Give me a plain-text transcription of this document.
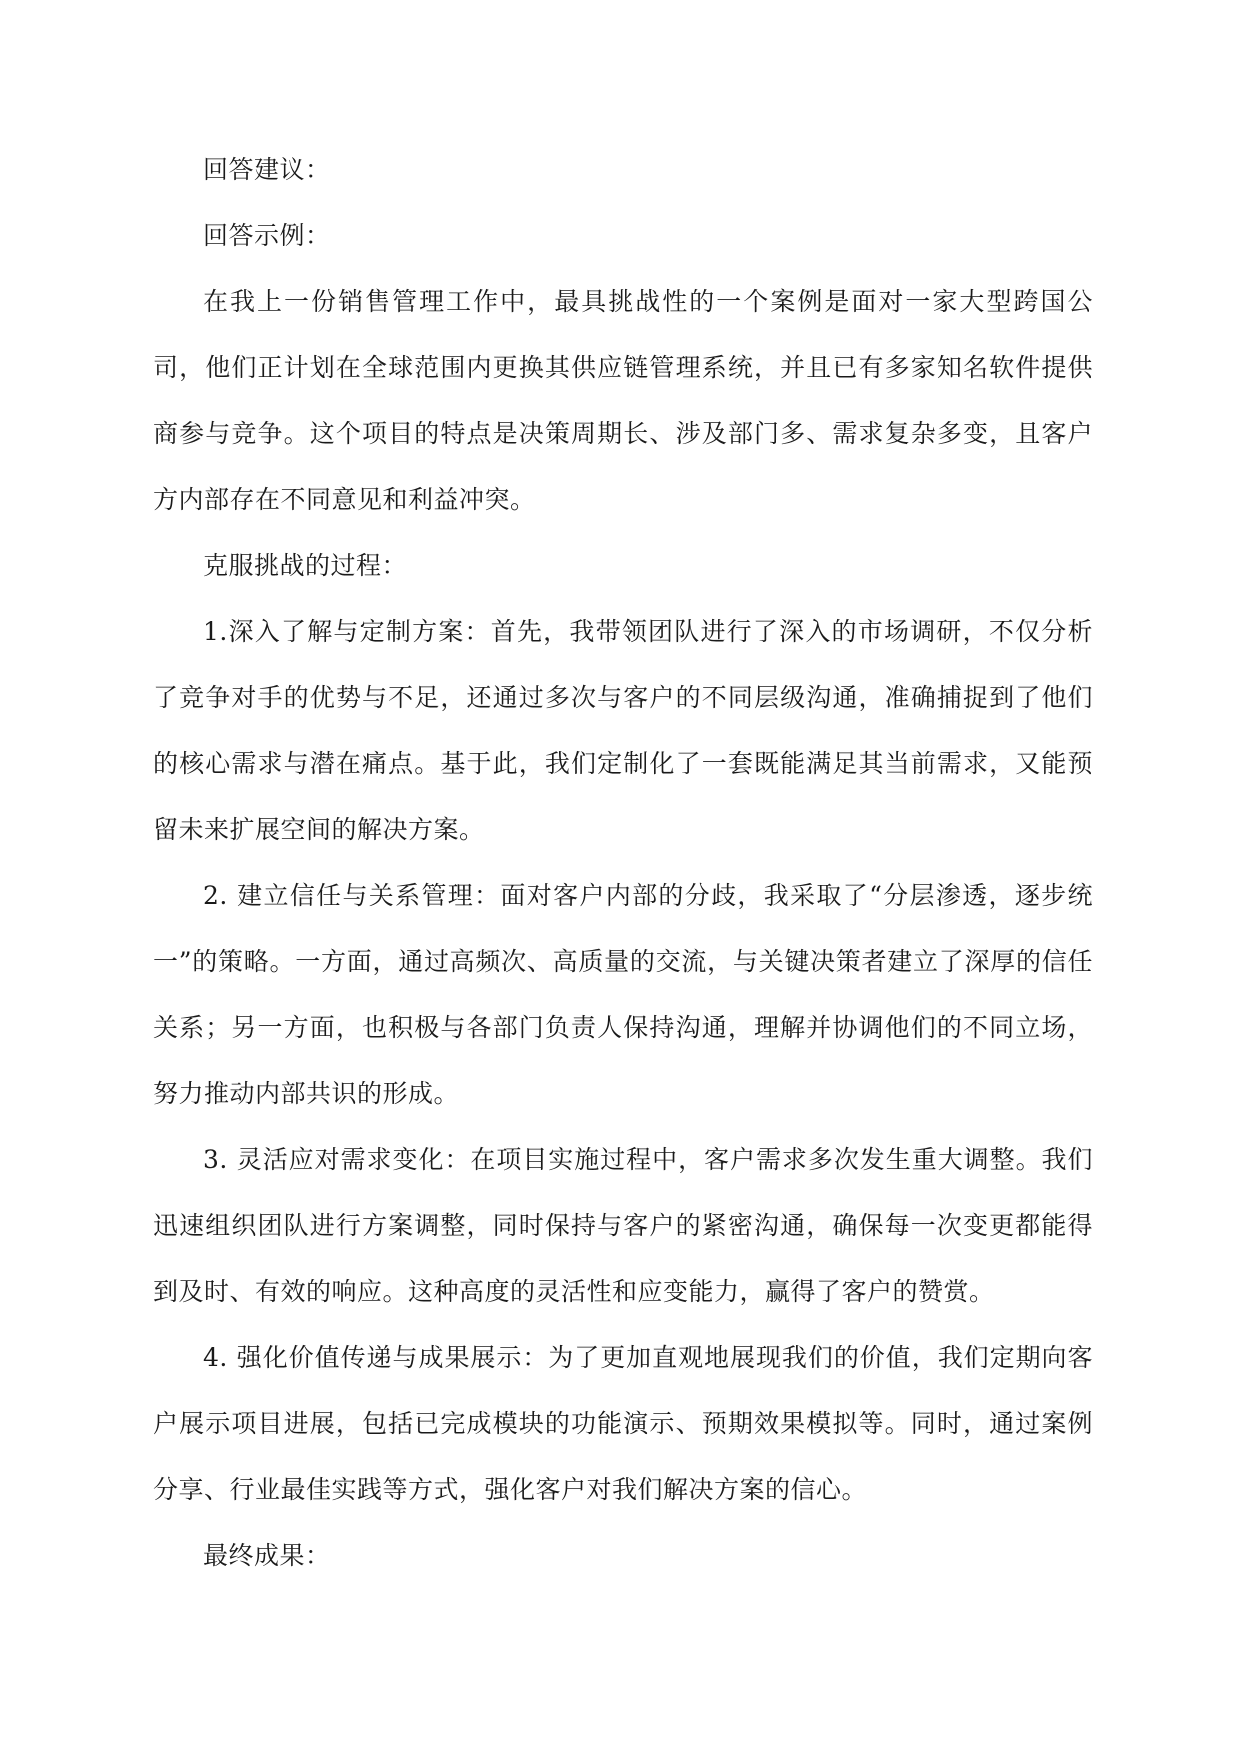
回答建议：

回答示例：

在我上一份销售管理工作中，最具挑战性的一个案例是面对一家大型跨国公司，他们正计划在全球范围内更换其供应链管理系统，并且已有多家知名软件提供商参与竞争。这个项目的特点是决策周期长、涉及部门多、需求复杂多变，且客户方内部存在不同意见和利益冲突。

克服挑战的过程：

1.深入了解与定制方案：首先，我带领团队进行了深入的市场调研，不仅分析了竞争对手的优势与不足，还通过多次与客户的不同层级沟通，准确捕捉到了他们的核心需求与潜在痛点。基于此，我们定制化了一套既能满足其当前需求，又能预留未来扩展空间的解决方案。

2. 建立信任与关系管理：面对客户内部的分歧，我采取了“分层渗透，逐步统一”的策略。一方面，通过高频次、高质量的交流，与关键决策者建立了深厚的信任关系；另一方面，也积极与各部门负责人保持沟通，理解并协调他们的不同立场，努力推动内部共识的形成。

3. 灵活应对需求变化：在项目实施过程中，客户需求多次发生重大调整。我们迅速组织团队进行方案调整，同时保持与客户的紧密沟通，确保每一次变更都能得到及时、有效的响应。这种高度的灵活性和应变能力，赢得了客户的赞赏。

4. 强化价值传递与成果展示：为了更加直观地展现我们的价值，我们定期向客户展示项目进展，包括已完成模块的功能演示、预期效果模拟等。同时，通过案例分享、行业最佳实践等方式，强化客户对我们解决方案的信心。

最终成果：
